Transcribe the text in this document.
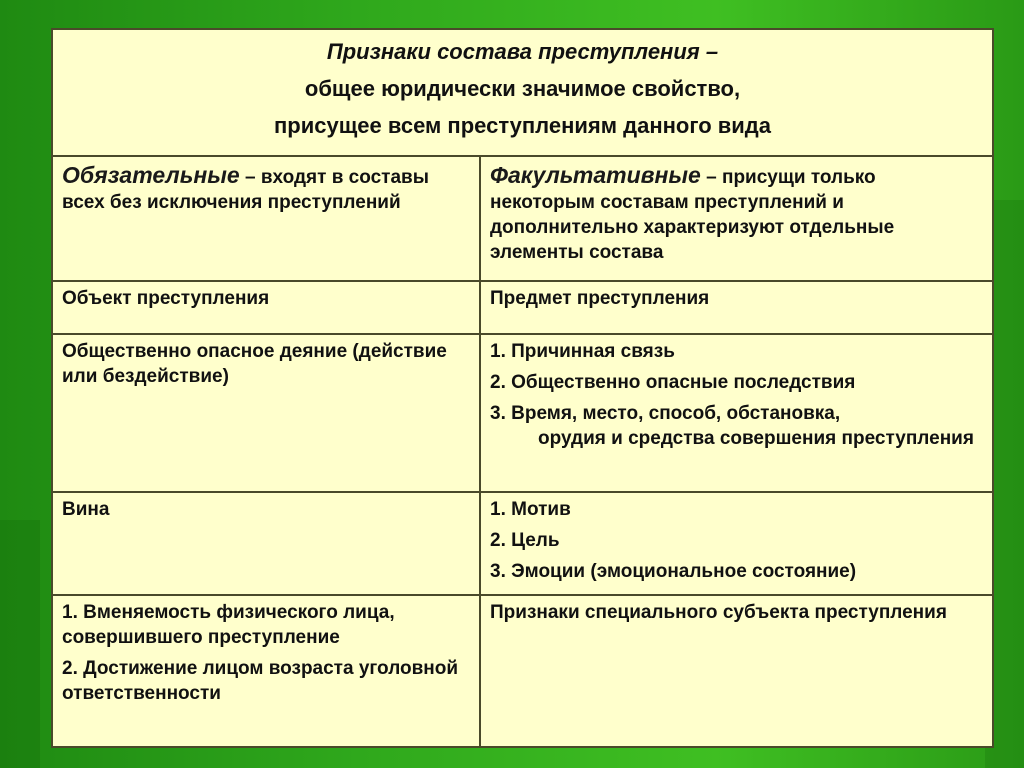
Признаки состава преступления –
общее юридически значимое свойство,
присущее всем преступлениям данного вида	

Обязательные – входят в составы всех без исключения преступлений	Факультативные – присущи только некоторым составам преступлений и дополнительно характеризуют отдельные элементы состава

Объект преступления	Предмет преступления

Общественно опасное деяние (действие или бездействие)	1. Причинная связь
2. Общественно опасные последствия
3. Время, место, способ, обстановка,
орудия и средства совершения преступления

Вина	1. Мотив
2. Цель
3. Эмоции (эмоциональное состояние)

1. Вменяемость физического лица, совершившего преступление
2. Достижение лицом возраста уголовной ответственности	Признаки специального субъекта преступления
